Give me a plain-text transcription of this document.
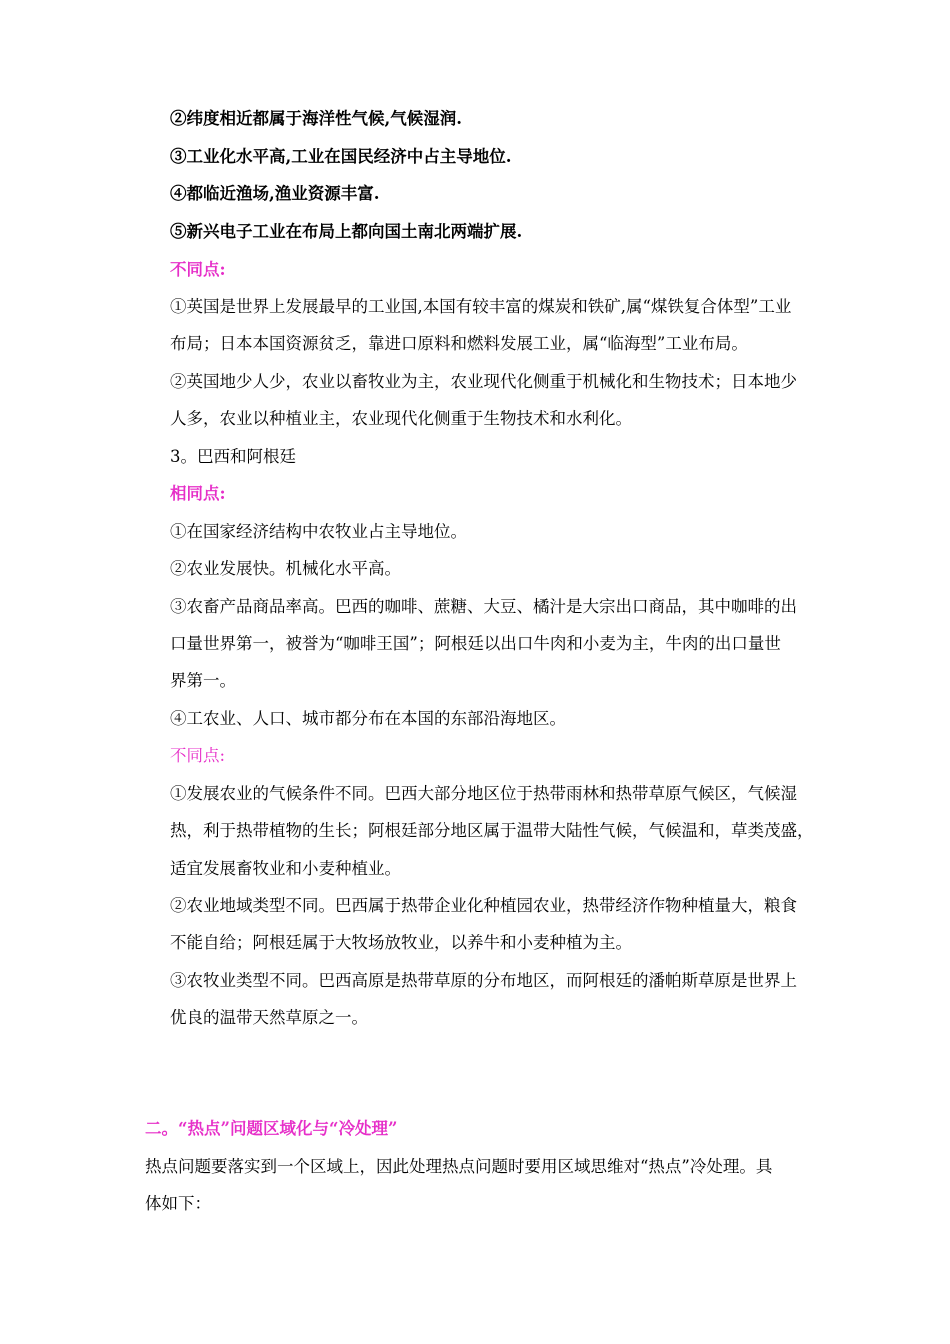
②纬度相近都属于海洋性气候,气候湿润.
③工业化水平高,工业在国民经济中占主导地位.
④都临近渔场,渔业资源丰富.
⑤新兴电子工业在布局上都向国土南北两端扩展.
不同点:
①英国是世界上发展最早的工业国,本国有较丰富的煤炭和铁矿,属“煤铁复合体型”工业
布局；日本本国资源贫乏，靠进口原料和燃料发展工业，属“临海型”工业布局。
②英国地少人少，农业以畜牧业为主，农业现代化侧重于机械化和生物技术；日本地少
人多，农业以种植业主，农业现代化侧重于生物技术和水利化。
3。巴西和阿根廷
相同点:
①在国家经济结构中农牧业占主导地位。
②农业发展快。机械化水平高。
③农畜产品商品率高。巴西的咖啡、蔗糖、大豆、橘汁是大宗出口商品，其中咖啡的出
口量世界第一，被誉为“咖啡王国”；阿根廷以出口牛肉和小麦为主，牛肉的出口量世
界第一。
④工农业、人口、城市都分布在本国的东部沿海地区。
不同点:
①发展农业的气候条件不同。巴西大部分地区位于热带雨林和热带草原气候区，气候湿
热，利于热带植物的生长；阿根廷部分地区属于温带大陆性气候，气候温和，草类茂盛，
适宜发展畜牧业和小麦种植业。
②农业地域类型不同。巴西属于热带企业化种植园农业，热带经济作物种植量大，粮食
不能自给；阿根廷属于大牧场放牧业，以养牛和小麦种植为主。
③农牧业类型不同。巴西高原是热带草原的分布地区，而阿根廷的潘帕斯草原是世界上
优良的温带天然草原之一。
二。“热点”问题区域化与“冷处理”
热点问题要落实到一个区域上，因此处理热点问题时要用区域思维对“热点”冷处理。具
体如下：
